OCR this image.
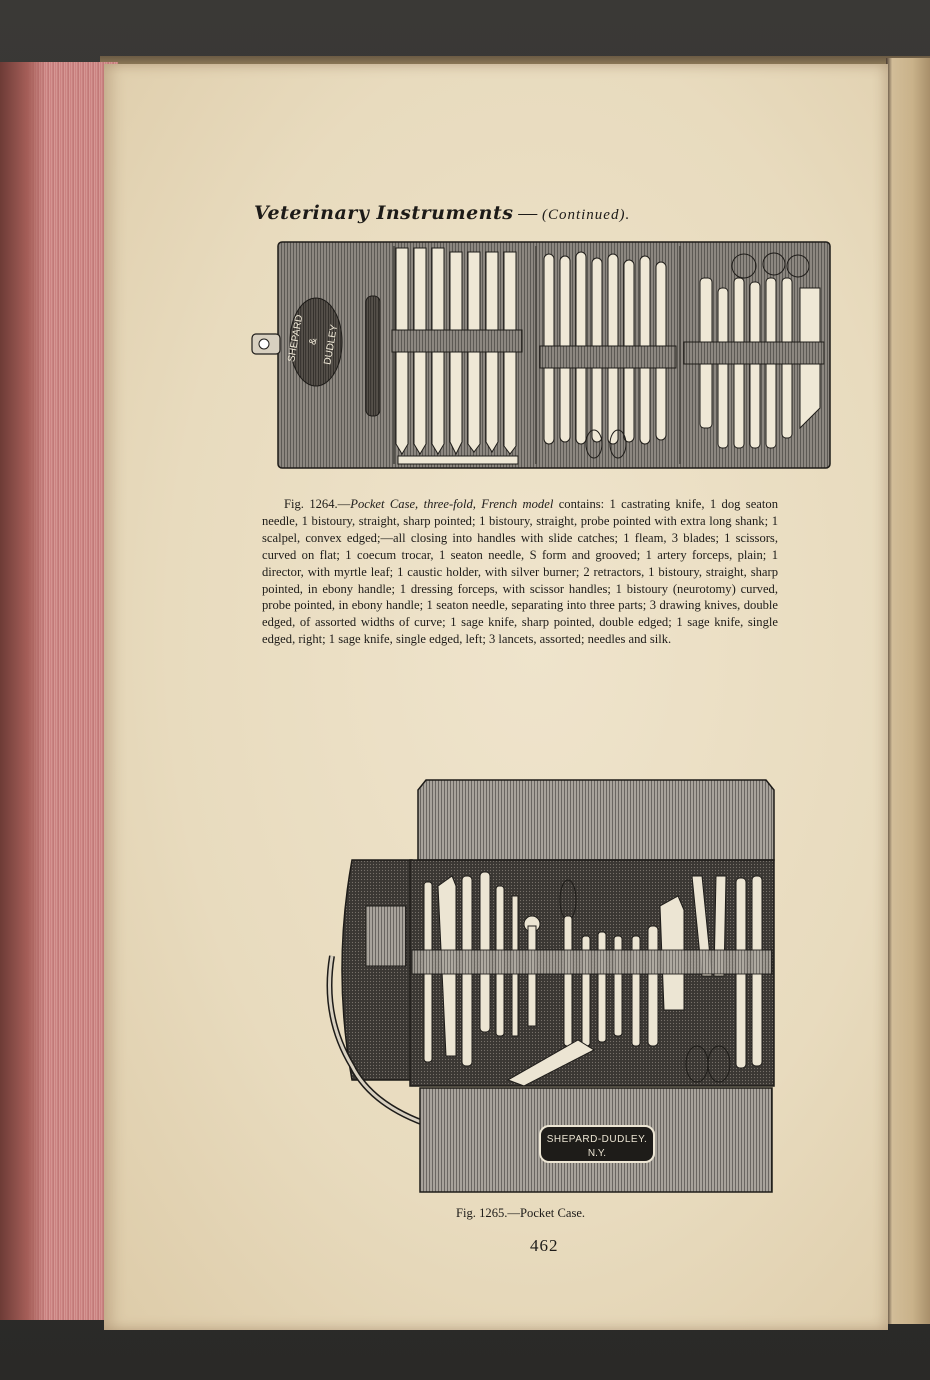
Veterinary Instruments — (Continued).
SHEPARD & DUDLEY
Fig. 1264.—Pocket Case, three-fold, French model contains: 1 castrating knife, 1 dog seaton needle, 1 bistoury, straight, sharp pointed; 1 bistoury, straight, probe pointed with extra long shank; 1 scalpel, convex edged;—all closing into handles with slide catches; 1 fleam, 3 blades; 1 scissors, curved on flat; 1 coecum trocar, 1 seaton needle, S form and grooved; 1 artery forceps, plain; 1 director, with myrtle leaf; 1 caustic holder, with silver burner; 2 retractors, 1 bistoury, straight, sharp pointed, in ebony handle; 1 dressing forceps, with scissor handles; 1 bistoury (neurotomy) curved, probe pointed, in ebony handle; 1 seaton needle, separating into three parts; 3 drawing knives, double edged, of assorted widths of curve; 1 sage knife, sharp pointed, double edged; 1 sage knife, single edged, right; 1 sage knife, single edged, left; 3 lancets, assorted; needles and silk.
SHEPARD-DUDLEY.
N.Y.
Fig. 1265.—Pocket Case.
462
